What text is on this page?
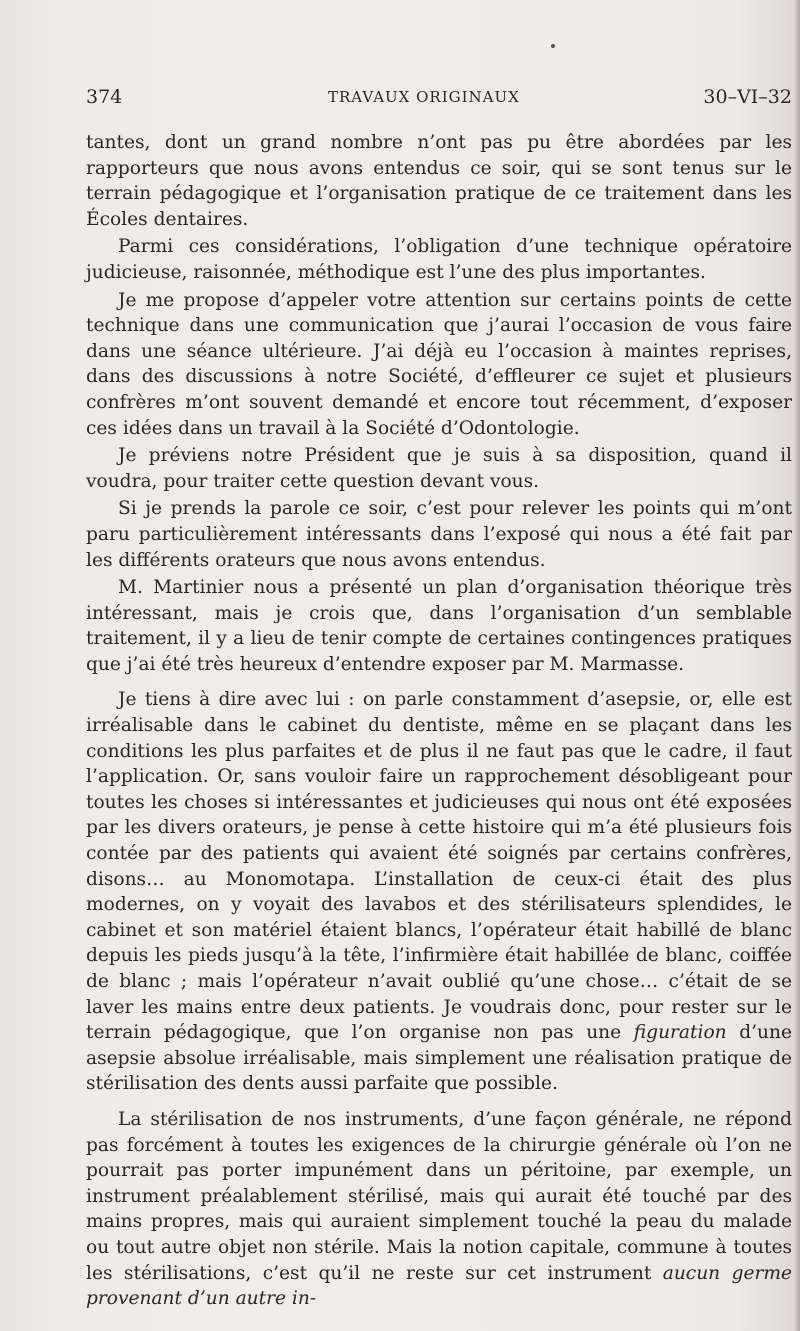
374	TRAVAUX ORIGINAUX	30–VI–32

tantes, dont un grand nombre n’ont pas pu être abordées par les rapporteurs que nous avons entendus ce soir, qui se sont tenus sur le terrain pédagogique et l’organisation pratique de ce traitement dans les Écoles dentaires.

Parmi ces considérations, l’obligation d’une technique opératoire judicieuse, raisonnée, méthodique est l’une des plus importantes.

Je me propose d’appeler votre attention sur certains points de cette technique dans une communication que j’aurai l’occasion de vous faire dans une séance ultérieure. J’ai déjà eu l’occasion à maintes reprises, dans des discussions à notre Société, d’effleurer ce sujet et plusieurs confrères m’ont souvent demandé et encore tout récemment, d’exposer ces idées dans un travail à la Société d’Odontologie.

Je préviens notre Président que je suis à sa disposition, quand il voudra, pour traiter cette question devant vous.

Si je prends la parole ce soir, c’est pour relever les points qui m’ont paru particulièrement intéressants dans l’exposé qui nous a été fait par les différents orateurs que nous avons entendus.

M. Martinier nous a présenté un plan d’organisation théorique très intéressant, mais je crois que, dans l’organisation d’un semblable traitement, il y a lieu de tenir compte de certaines contingences pratiques que j’ai été très heureux d’entendre exposer par M. Marmasse.

Je tiens à dire avec lui : on parle constamment d’asepsie, or, elle est irréalisable dans le cabinet du dentiste, même en se plaçant dans les conditions les plus parfaites et de plus il ne faut pas que le cadre, il faut l’application. Or, sans vouloir faire un rapprochement désobligeant pour toutes les choses si intéressantes et judicieuses qui nous ont été exposées par les divers orateurs, je pense à cette histoire qui m’a été plusieurs fois contée par des patients qui avaient été soignés par certains confrères, disons… au Monomotapa. L’installation de ceux-ci était des plus modernes, on y voyait des lavabos et des stérilisateurs splendides, le cabinet et son matériel étaient blancs, l’opérateur était habillé de blanc depuis les pieds jusqu’à la tête, l’infirmière était habillée de blanc, coiffée de blanc ; mais l’opérateur n’avait oublié qu’une chose… c’était de se laver les mains entre deux patients. Je voudrais donc, pour rester sur le terrain pédagogique, que l’on organise non pas une figuration d’une asepsie absolue irréalisable, mais simplement une réalisation pratique de stérilisation des dents aussi parfaite que possible.

La stérilisation de nos instruments, d’une façon générale, ne répond pas forcément à toutes les exigences de la chirurgie générale où l’on ne pourrait pas porter impunément dans un péritoine, par exemple, un instrument préalablement stérilisé, mais qui aurait été touché par des mains propres, mais qui auraient simplement touché la peau du malade ou tout autre objet non stérile. Mais la notion capitale, commune à toutes les stérilisations, c’est qu’il ne reste sur cet instrument aucun germe provenant d’un autre in-
